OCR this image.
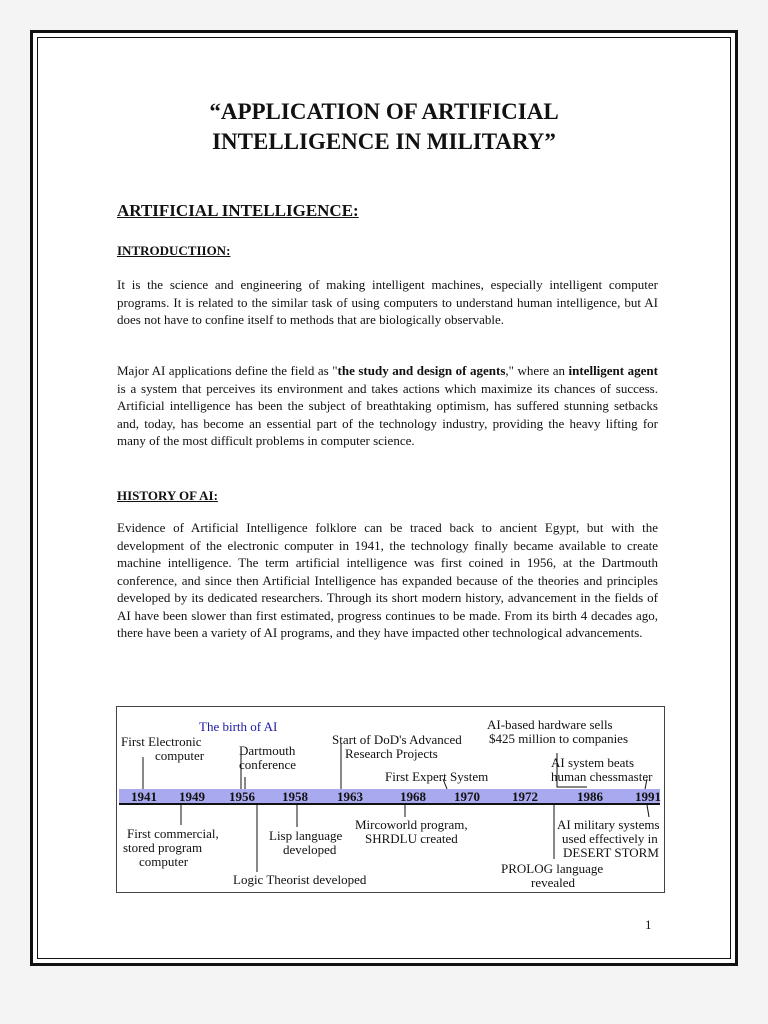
“APPLICATION OF ARTIFICIAL
INTELLIGENCE IN MILITARY”
ARTIFICIAL INTELLIGENCE:
INTRODUCTIION:

It is the science and engineering of making intelligent machines, especially intelligent computer programs. It is related to the similar task of using computers to understand human intelligence, but AI does not have to confine itself to methods that are biologically observable.

Major AI applications define the field as "the study and design of agents," where an intelligent agent is a system that perceives its environment and takes actions which maximize its chances of success. Artificial intelligence has been the subject of breathtaking optimism, has suffered stunning setbacks and, today, has become an essential part of the technology industry, providing the heavy lifting for many of the most difficult problems in computer science.

HISTORY OF AI:

Evidence of Artificial Intelligence folklore can be traced back to ancient Egypt, but with the development of the electronic computer in 1941, the technology finally became available to create machine intelligence. The term artificial intelligence was first coined in 1956, at the Dartmouth conference, and since then Artificial Intelligence has expanded because of the theories and principles developed by its dedicated researchers. Through its short modern history, advancement in the fields of AI have been slower than first estimated, progress continues to be made. From its birth 4 decades ago, there have been a variety of AI programs, and they have impacted other technological advancements.

1941 1949 1956 1958 1963	1968 1970 1972	1986 1991
First Electronic
computer
The birth of AI
Dartmouth
conference
Start of DoD's Advanced
Research Projects
First Expert System
AI-based hardware sells
$425 million to companies
AI system beats
human chessmaster
First commercial,
stored program
computer
Lisp language
developed
Logic Theorist developed
Mircoworld program,
SHRDLU created
PROLOG language
revealed
AI military systems
used effectively in
DESERT STORM
1
